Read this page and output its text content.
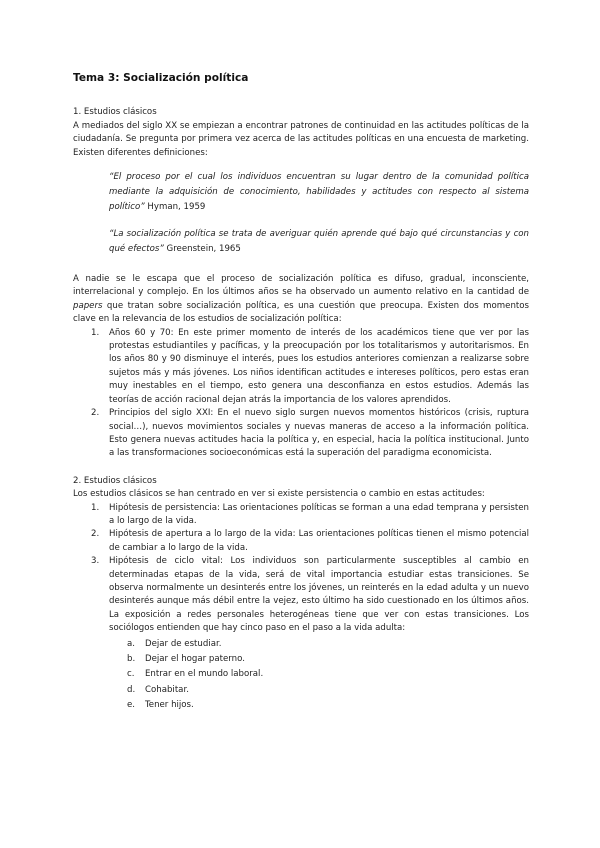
Tema 3: Socialización política

1. Estudios clásicos

A mediados del siglo XX se empiezan a encontrar patrones de continuidad en las actitudes políticas de la ciudadanía. Se pregunta por primera vez acerca de las actitudes políticas en una encuesta de marketing. Existen diferentes definiciones:

“El proceso por el cual los individuos encuentran su lugar dentro de la comunidad política mediante la adquisición de conocimiento, habilidades y actitudes con respecto al sistema político” Hyman, 1959
“La socialización política se trata de averiguar quién aprende qué bajo qué circunstancias y con qué efectos” Greenstein, 1965

A nadie se le escapa que el proceso de socialización política es difuso, gradual, inconsciente, interrelacional y complejo. En los últimos años se ha observado un aumento relativo en la cantidad de papers que tratan sobre socialización política, es una cuestión que preocupa. Existen dos momentos clave en la relevancia de los estudios de socialización política:

1. Años 60 y 70: En este primer momento de interés de los académicos tiene que ver por las protestas estudiantiles y pacíficas, y la preocupación por los totalitarismos y autoritarismos. En los años 80 y 90 disminuye el interés, pues los estudios anteriores comienzan a realizarse sobre sujetos más y más jóvenes. Los niños identifican actitudes e intereses políticos, pero estas eran muy inestables en el tiempo, esto genera una desconfianza en estos estudios. Además las teorías de acción racional dejan atrás la importancia de los valores aprendidos.
2. Principios del siglo XXI: En el nuevo siglo surgen nuevos momentos históricos (crisis, ruptura social…), nuevos movimientos sociales y nuevas maneras de acceso a la información política. Esto genera nuevas actitudes hacia la política y, en especial, hacia la política institucional. Junto a las transformaciones socioeconómicas está la superación del paradigma economicista.

2. Estudios clásicos

Los estudios clásicos se han centrado en ver si existe persistencia o cambio en estas actitudes:

1. Hipótesis de persistencia: Las orientaciones políticas se forman a una edad temprana y persisten a lo largo de la vida.
2. Hipótesis de apertura a lo largo de la vida: Las orientaciones políticas tienen el mismo potencial de cambiar a lo largo de la vida.
3. Hipótesis de ciclo vital: Los individuos son particularmente susceptibles al cambio en determinadas etapas de la vida, será de vital importancia estudiar estas transiciones. Se observa normalmente un desinterés entre los jóvenes, un reinterés en la edad adulta y un nuevo desinterés aunque más débil entre la vejez, esto último ha sido cuestionado en los últimos años. La exposición a redes personales heterogéneas tiene que ver con estas transiciones. Los sociólogos entienden que hay cinco paso en el paso a la vida adulta:
a. Dejar de estudiar.
b. Dejar el hogar paterno.
c. Entrar en el mundo laboral.
d. Cohabitar.
e. Tener hijos.
